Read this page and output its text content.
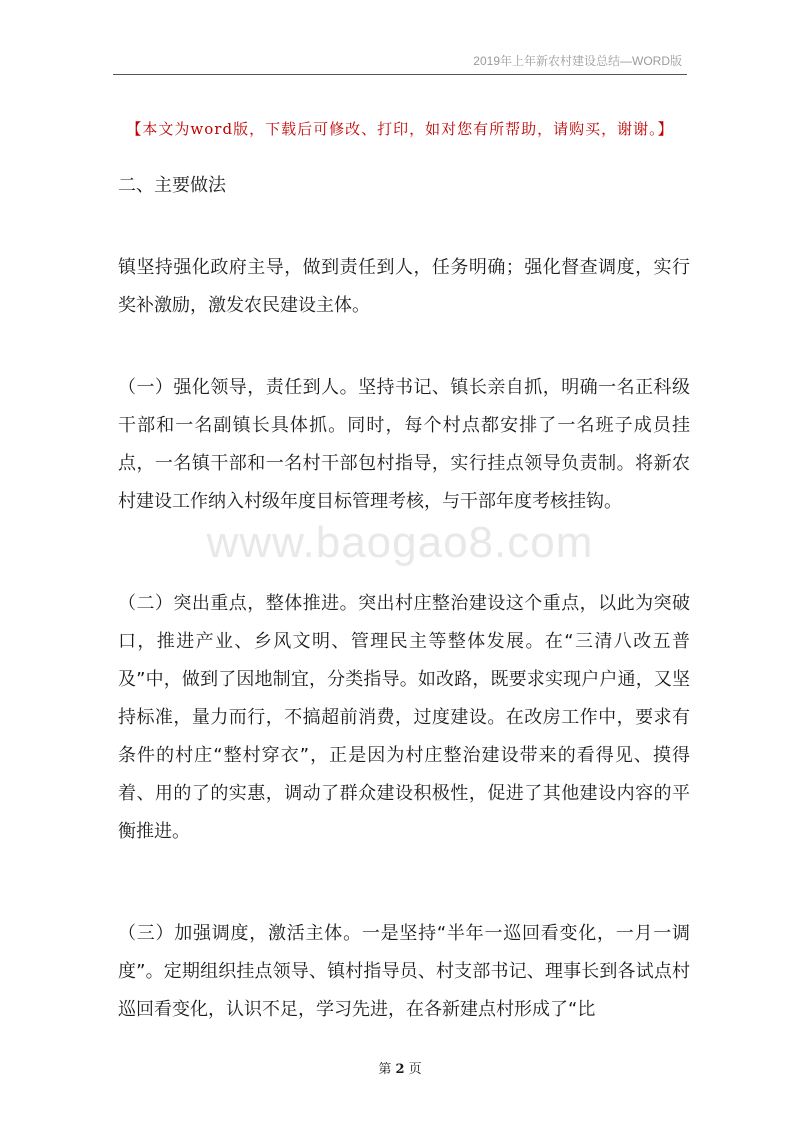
2019年上年新农村建设总结—WORD版
【本文为word版，下载后可修改、打印，如对您有所帮助，请购买，谢谢。】
www.baogao8.com
二、主要做法

镇坚持强化政府主导，做到责任到人，任务明确；强化督查调度，实行奖补激励，激发农民建设主体。

（一）强化领导，责任到人。坚持书记、镇长亲自抓，明确一名正科级干部和一名副镇长具体抓。同时，每个村点都安排了一名班子成员挂点，一名镇干部和一名村干部包村指导，实行挂点领导负责制。将新农村建设工作纳入村级年度目标管理考核，与干部年度考核挂钩。

（二）突出重点，整体推进。突出村庄整治建设这个重点，以此为突破口，推进产业、乡风文明、管理民主等整体发展。在“三清八改五普及”中，做到了因地制宜，分类指导。如改路，既要求实现户户通，又坚持标准，量力而行，不搞超前消费，过度建设。在改房工作中，要求有条件的村庄“整村穿衣”，正是因为村庄整治建设带来的看得见、摸得着、用的了的实惠，调动了群众建设积极性，促进了其他建设内容的平衡推进。

（三）加强调度，激活主体。一是坚持“半年一巡回看变化，一月一调度”。定期组织挂点领导、镇村指导员、村支部书记、理事长到各试点村巡回看变化，认识不足，学习先进，在各新建点村形成了“比

第 2 页
